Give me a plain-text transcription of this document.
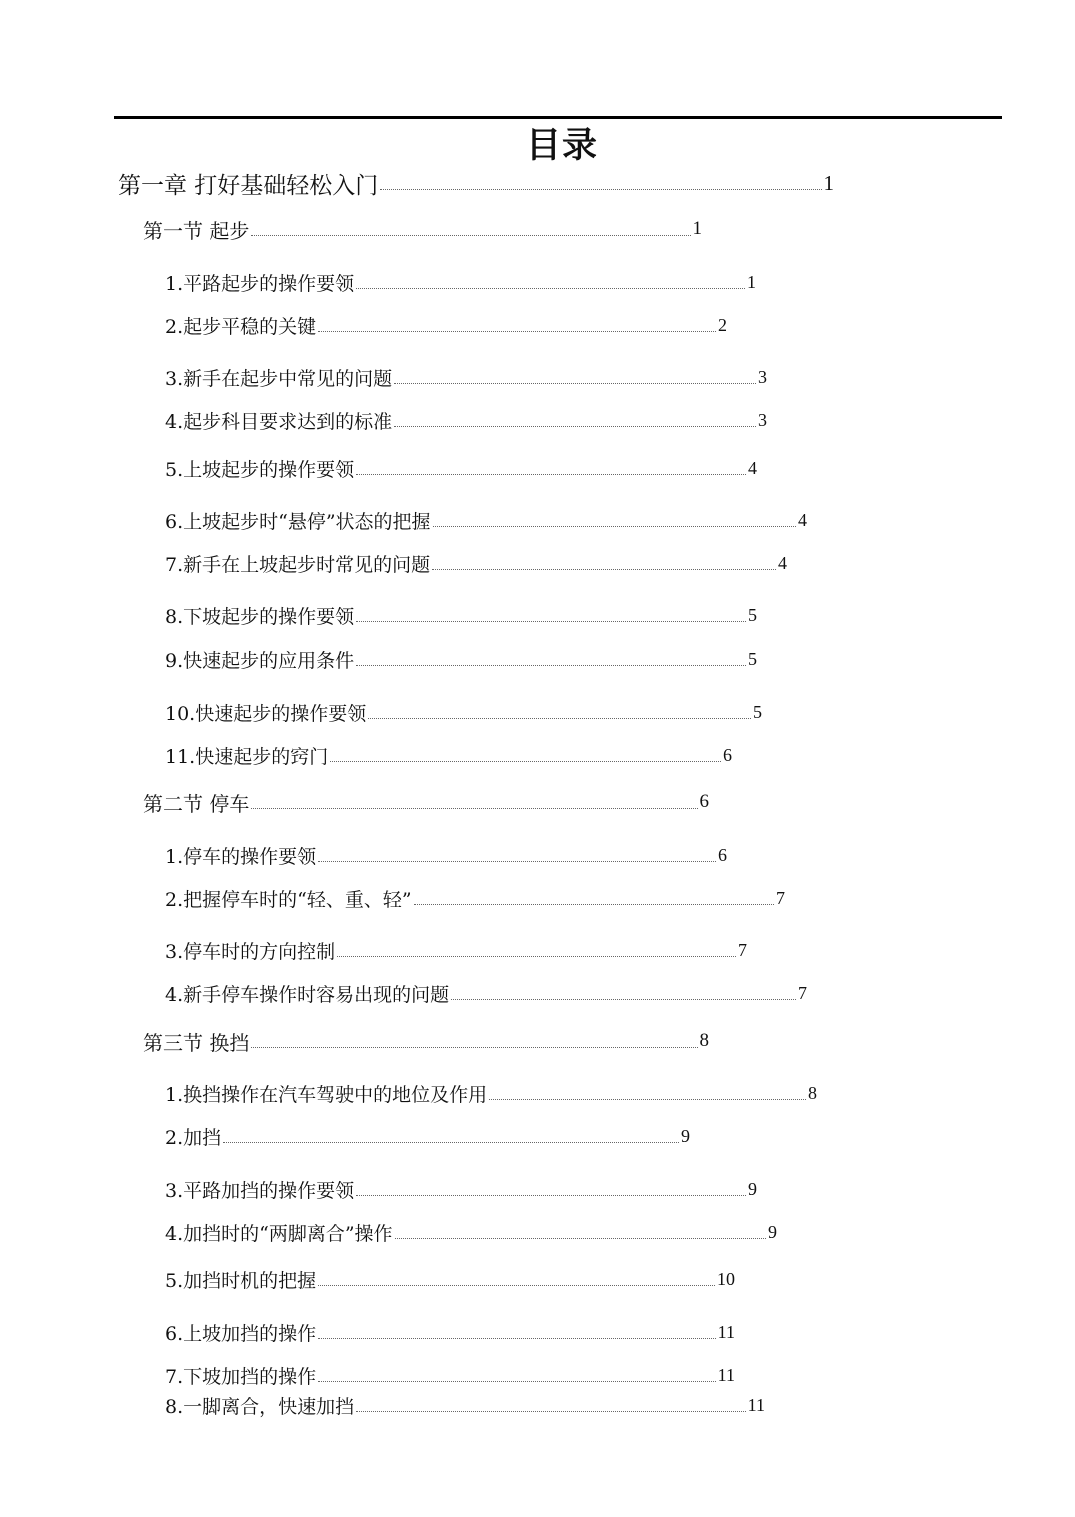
目录
第一章 打好基础轻松入门	1
第一节 起步	1
1.平路起步的操作要领	1
2.起步平稳的关键	2
3.新手在起步中常见的问题	3
4.起步科目要求达到的标准	3
5.上坡起步的操作要领	4
6.上坡起步时“悬停”状态的把握	4
7.新手在上坡起步时常见的问题	4
8.下坡起步的操作要领	5
9.快速起步的应用条件	5
10.快速起步的操作要领	5
11.快速起步的窍门	6
第二节 停车	6
1.停车的操作要领	6
2.把握停车时的“轻、重、轻”	7
3.停车时的方向控制	7
4.新手停车操作时容易出现的问题	7
第三节 换挡	8
1.换挡操作在汽车驾驶中的地位及作用	8
2.加挡	9
3.平路加挡的操作要领	9
4.加挡时的“两脚离合”操作	9
5.加挡时机的把握	10
6.上坡加挡的操作	11
7.下坡加挡的操作	11
8.一脚离合，快速加挡	11
